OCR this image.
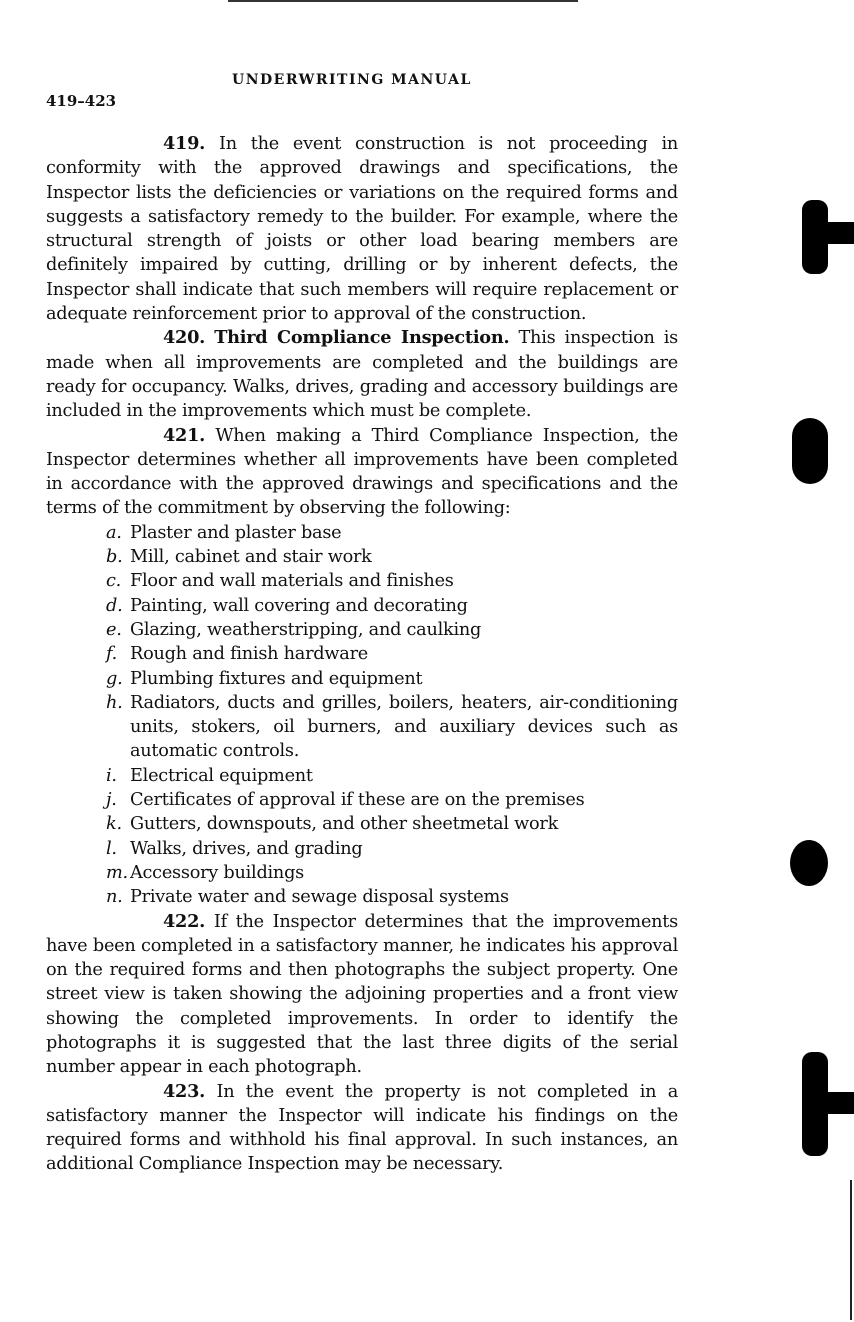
UNDERWRITING MANUAL
419–423

419. In the event construction is not proceeding in conformity with the approved drawings and specifications, the Inspector lists the deficiencies or variations on the required forms and suggests a satisfactory remedy to the builder. For example, where the structural strength of joists or other load bearing members are definitely impaired by cutting, drilling or by inherent defects, the Inspector shall indicate that such members will require replacement or adequate reinforcement prior to approval of the construction.

420. Third Compliance Inspection. This inspection is made when all improvements are completed and the buildings are ready for occupancy. Walks, drives, grading and accessory buildings are included in the improvements which must be complete.

421. When making a Third Compliance Inspection, the Inspector determines whether all improvements have been completed in accordance with the approved drawings and specifications and the terms of the commitment by observing the following:

a. Plaster and plaster base
b. Mill, cabinet and stair work
c. Floor and wall materials and finishes
d. Painting, wall covering and decorating
e. Glazing, weatherstripping, and caulking
f. Rough and finish hardware
g. Plumbing fixtures and equipment
h. Radiators, ducts and grilles, boilers, heaters, air-conditioning units, stokers, oil burners, and auxiliary devices such as automatic controls.
i. Electrical equipment
j. Certificates of approval if these are on the premises
k. Gutters, downspouts, and other sheetmetal work
l. Walks, drives, and grading
m. Accessory buildings
n. Private water and sewage disposal systems

422. If the Inspector determines that the improvements have been completed in a satisfactory manner, he indicates his approval on the required forms and then photographs the subject property. One street view is taken showing the adjoining properties and a front view showing the completed improvements. In order to identify the photographs it is suggested that the last three digits of the serial number appear in each photograph.

423. In the event the property is not completed in a satisfactory manner the Inspector will indicate his findings on the required forms and withhold his final approval. In such instances, an additional Compliance Inspection may be necessary.
